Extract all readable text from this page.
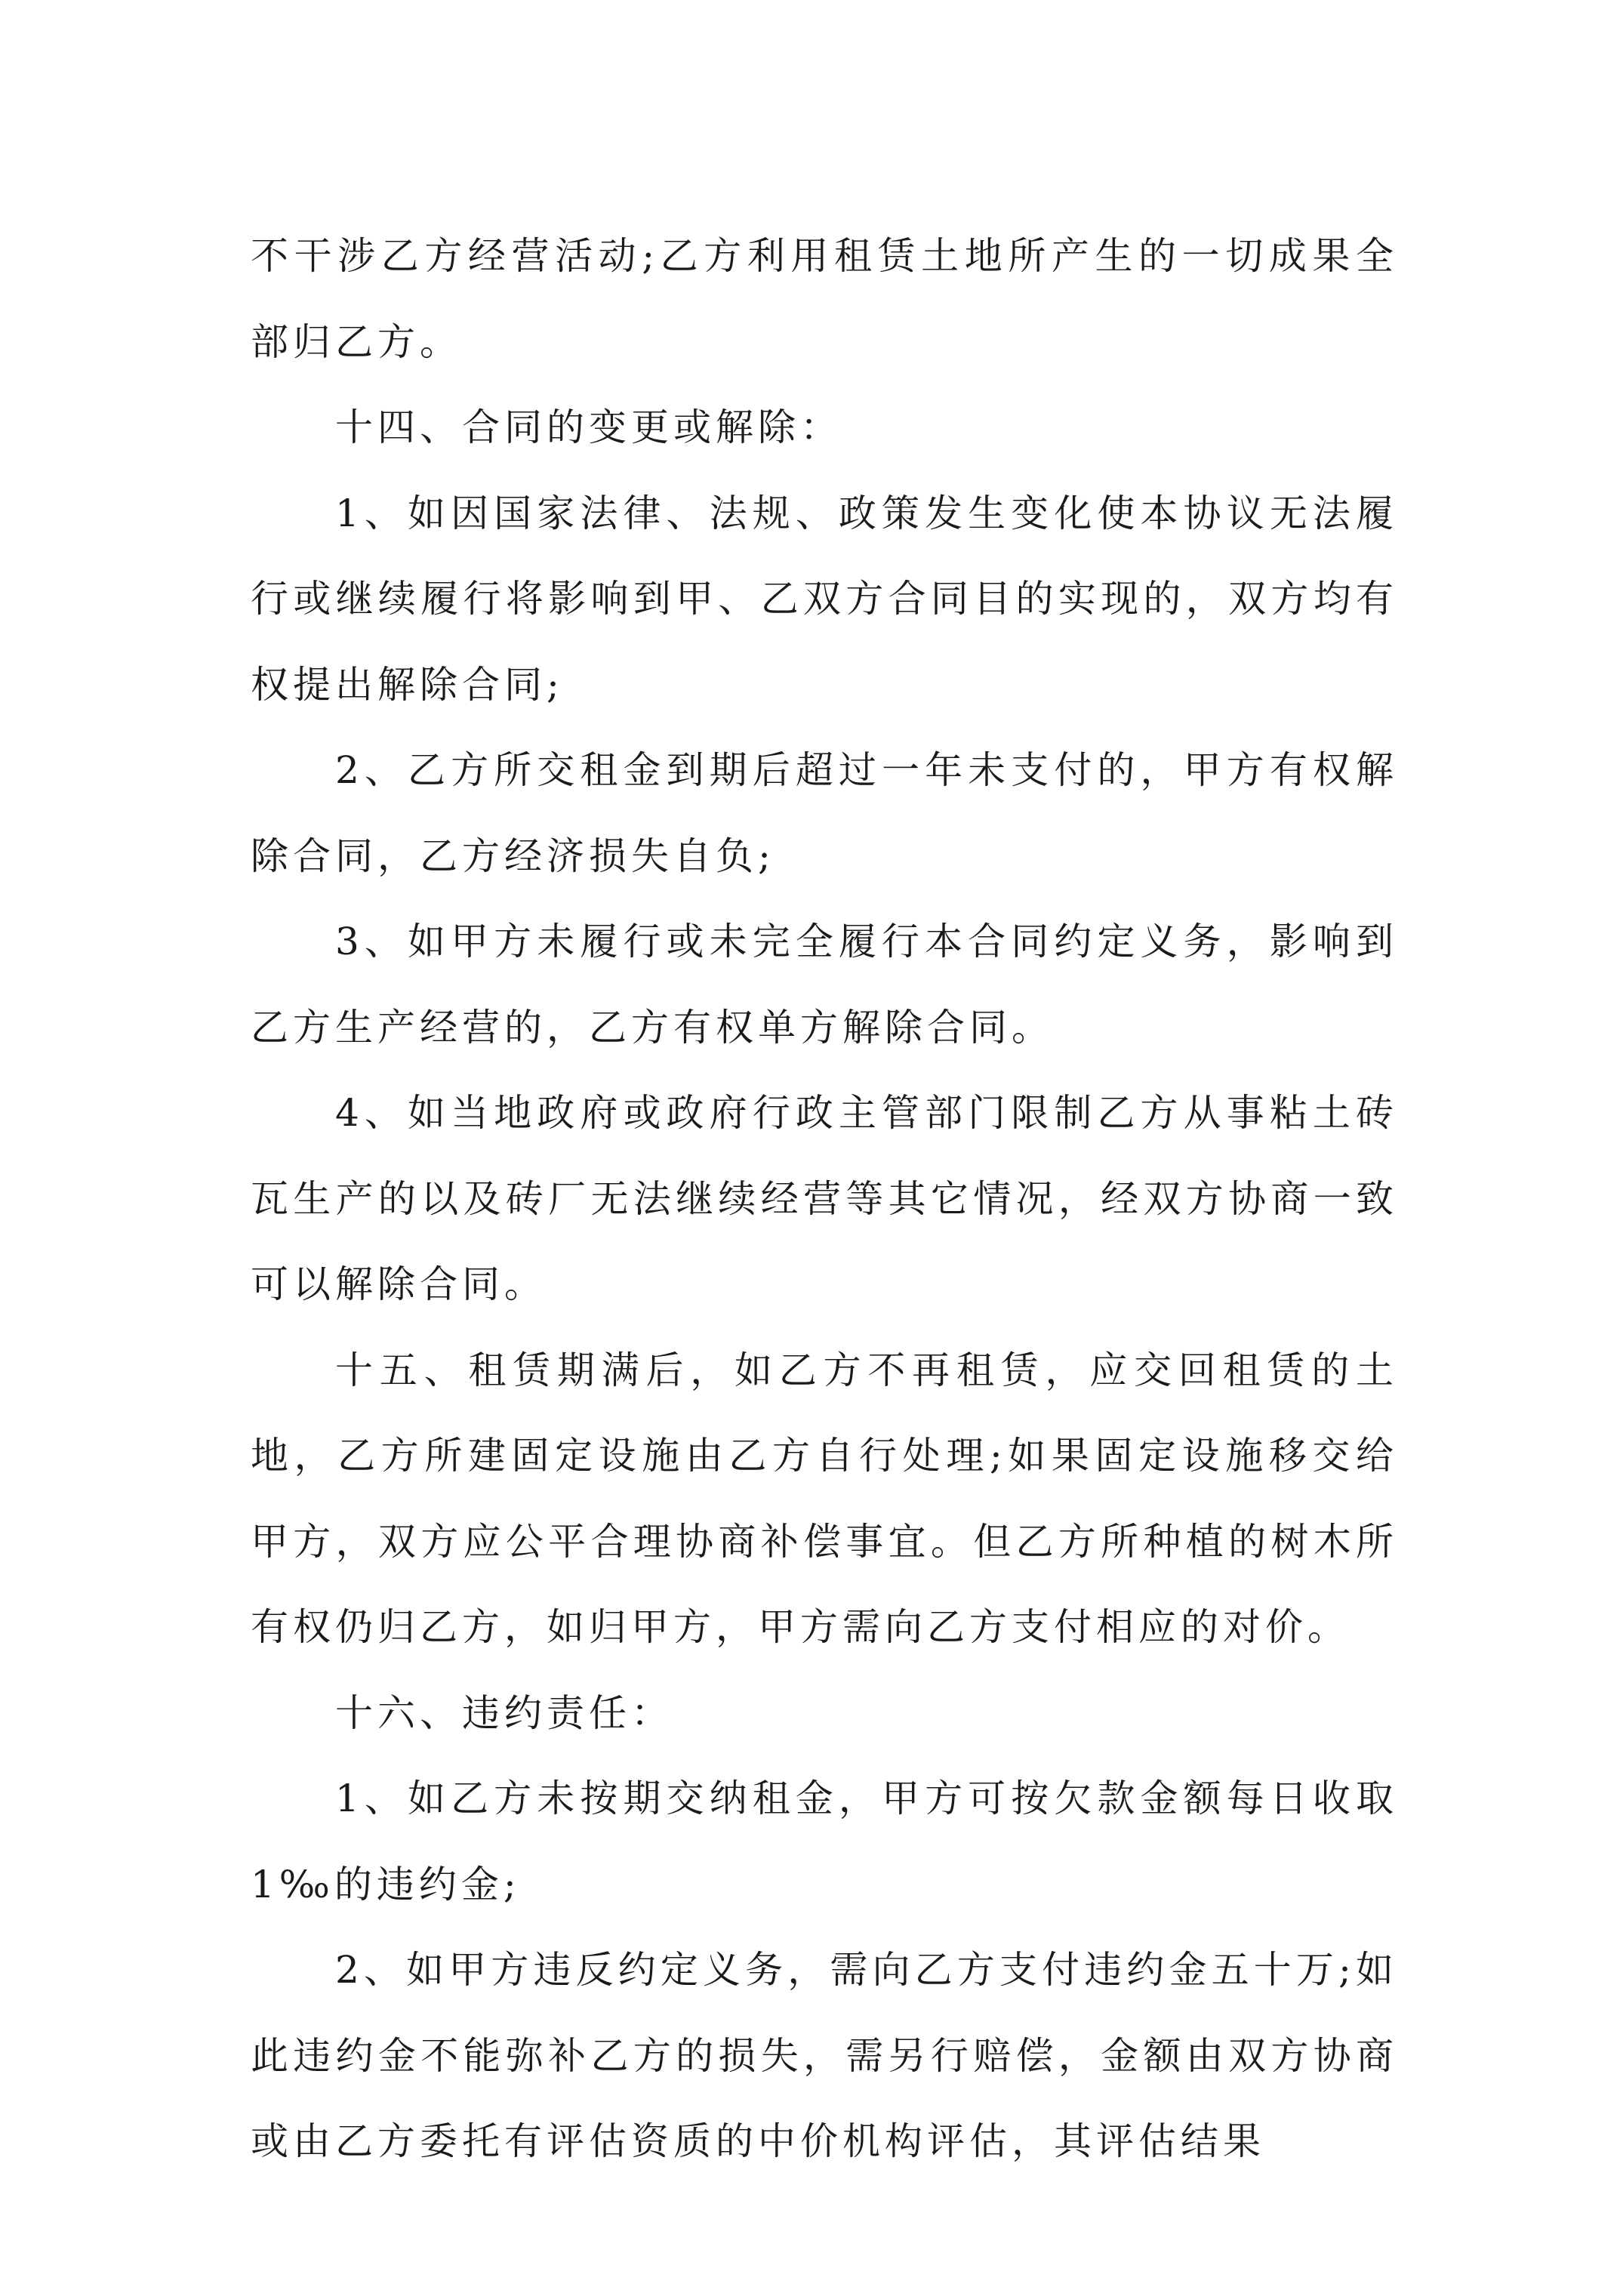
不干涉乙方经营活动;乙方利用租赁土地所产生的一切成果全部归乙方。

十四、合同的变更或解除：

1、如因国家法律、法规、政策发生变化使本协议无法履行或继续履行将影响到甲、乙双方合同目的实现的，双方均有权提出解除合同;

2、乙方所交租金到期后超过一年未支付的，甲方有权解除合同，乙方经济损失自负;

3、如甲方未履行或未完全履行本合同约定义务，影响到乙方生产经营的，乙方有权单方解除合同。

4、如当地政府或政府行政主管部门限制乙方从事粘土砖瓦生产的以及砖厂无法继续经营等其它情况，经双方协商一致可以解除合同。

十五、租赁期满后，如乙方不再租赁，应交回租赁的土地，乙方所建固定设施由乙方自行处理;如果固定设施移交给甲方，双方应公平合理协商补偿事宜。但乙方所种植的树木所有权仍归乙方，如归甲方，甲方需向乙方支付相应的对价。

十六、违约责任：

1、如乙方未按期交纳租金，甲方可按欠款金额每日收取 1‰的违约金;

2、如甲方违反约定义务，需向乙方支付违约金五十万;如此违约金不能弥补乙方的损失，需另行赔偿，金额由双方协商或由乙方委托有评估资质的中价机构评估，其评估结果
